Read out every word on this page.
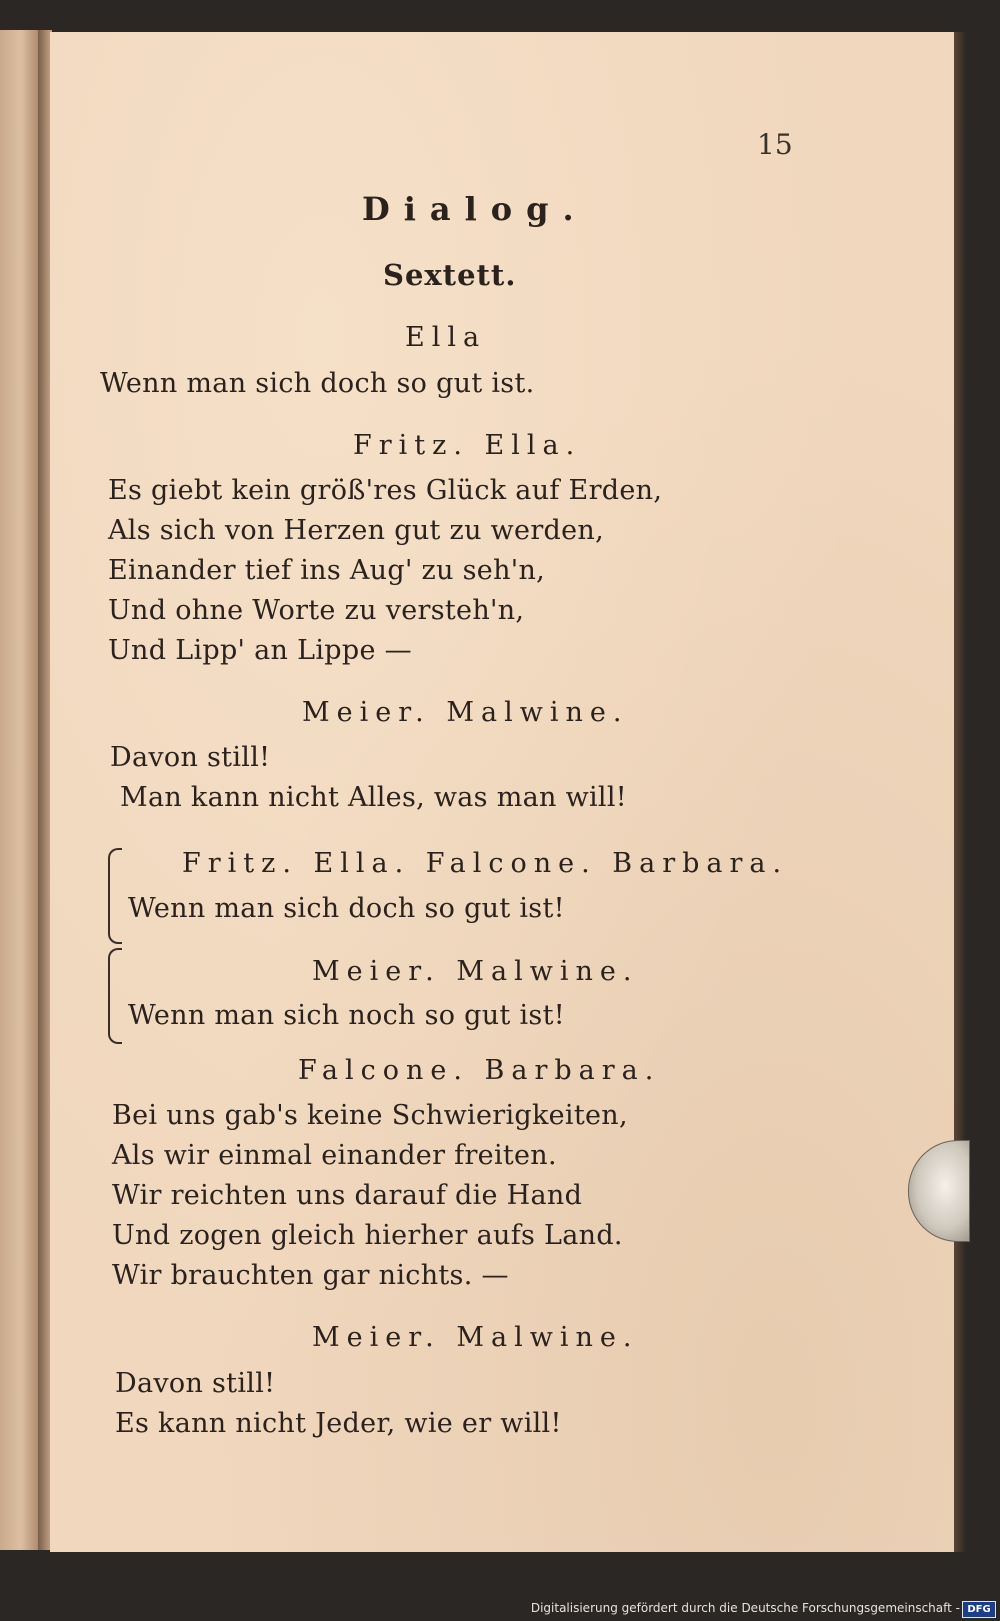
15
Dialog.
Sextett.
Ella
Wenn man sich doch so gut ist.
Fritz. Ella.
Es giebt kein größ'res Glück auf Erden,
Als sich von Herzen gut zu werden,
Einander tief ins Aug' zu seh'n,
Und ohne Worte zu versteh'n,
Und Lipp' an Lippe —
Meier. Malwine.
Davon still!
Man kann nicht Alles, was man will!
Fritz. Ella. Falcone. Barbara.
Wenn man sich doch so gut ist!
Meier. Malwine.
Wenn man sich noch so gut ist!
Falcone. Barbara.
Bei uns gab's keine Schwierigkeiten,
Als wir einmal einander freiten.
Wir reichten uns darauf die Hand
Und zogen gleich hierher aufs Land.
Wir brauchten gar nichts. —
Meier. Malwine.
Davon still!
Es kann nicht Jeder, wie er will!
Digitalisierung gefördert durch die Deutsche Forschungsgemeinschaft - DFG
